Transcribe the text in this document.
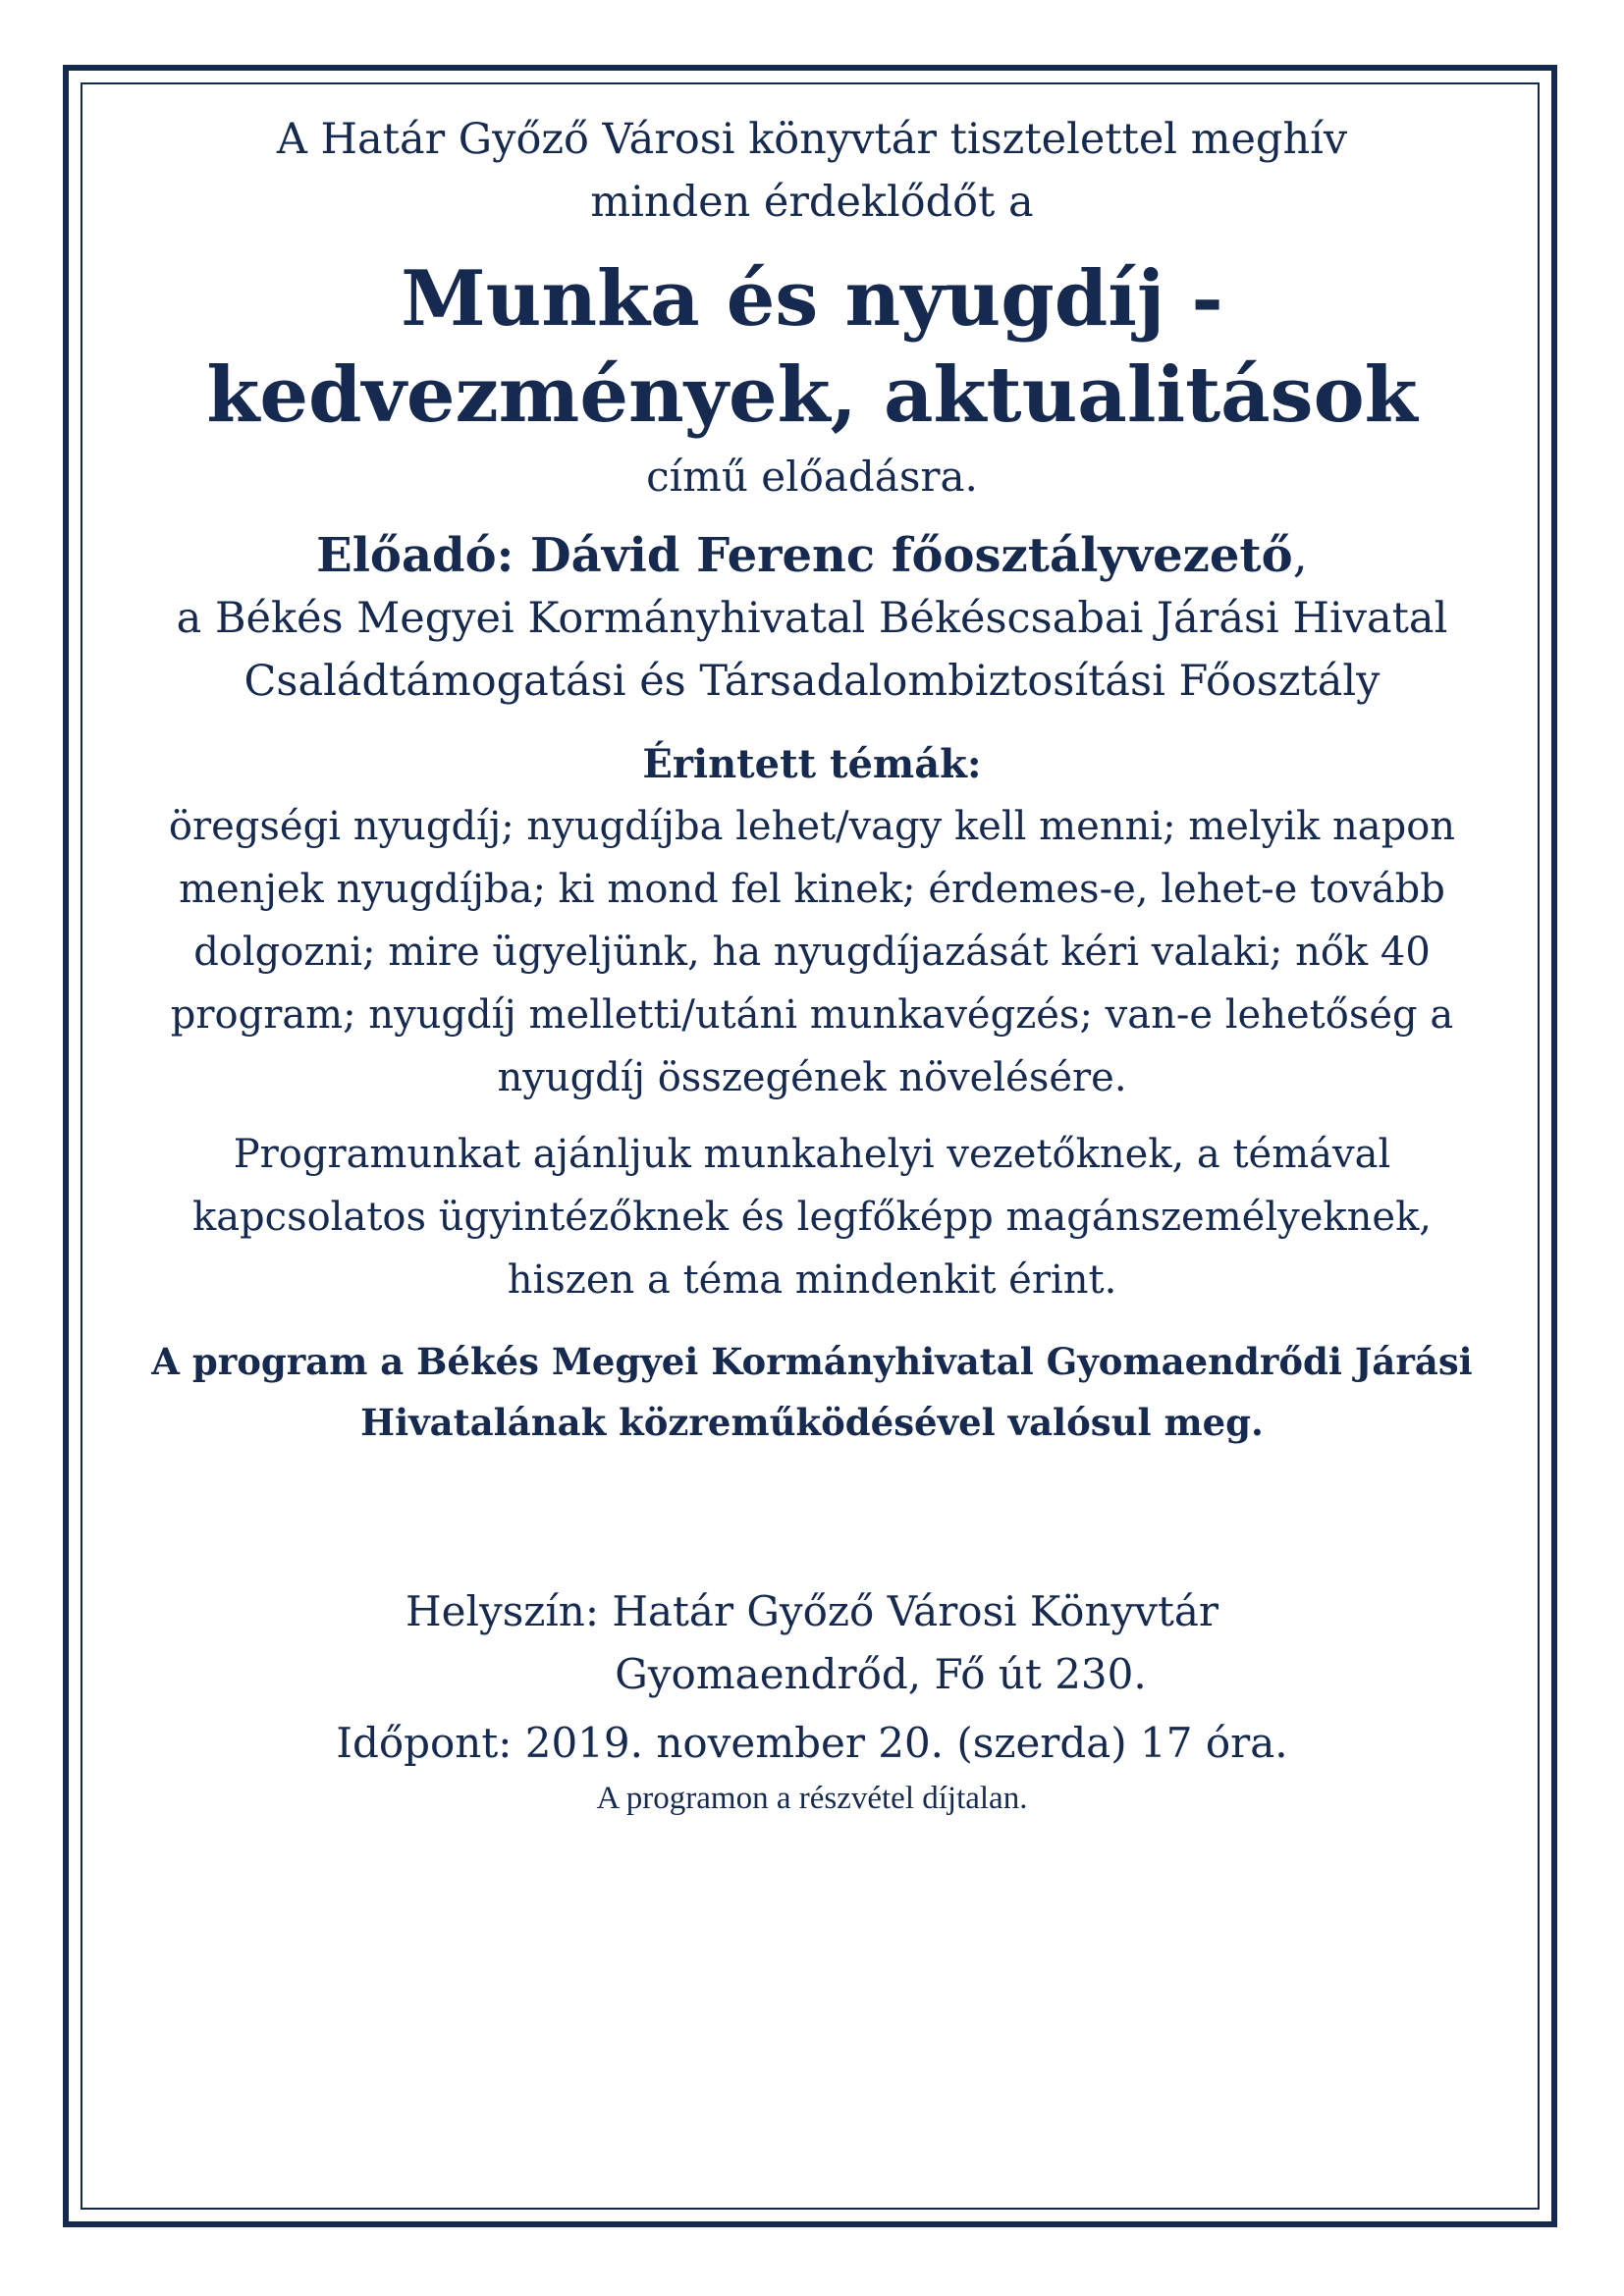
A Határ Győző Városi könyvtár tisztelettel meghív
minden érdeklődőt a
Munka és nyugdíj -
kedvezmények, aktualitások
című előadásra.
Előadó: Dávid Ferenc főosztályvezető,
a Békés Megyei Kormányhivatal Békéscsabai Járási Hivatal
Családtámogatási és Társadalombiztosítási Főosztály
Érintett témák:
öregségi nyugdíj; nyugdíjba lehet/vagy kell menni; melyik napon
menjek nyugdíjba; ki mond fel kinek; érdemes-e, lehet-e tovább
dolgozni; mire ügyeljünk, ha nyugdíjazását kéri valaki; nők 40
program; nyugdíj melletti/utáni munkavégzés; van-e lehetőség a
nyugdíj összegének növelésére.
Programunkat ajánljuk munkahelyi vezetőknek, a témával
kapcsolatos ügyintézőknek és legfőképp magánszemélyeknek,
hiszen a téma mindenkit érint.
A program a Békés Megyei Kormányhivatal Gyomaendrődi Járási
Hivatalának közreműködésével valósul meg.
Helyszín: Határ Győző Városi Könyvtár
Gyomaendrőd, Fő út 230.
Időpont: 2019. november 20. (szerda) 17 óra.
A programon a részvétel díjtalan.
